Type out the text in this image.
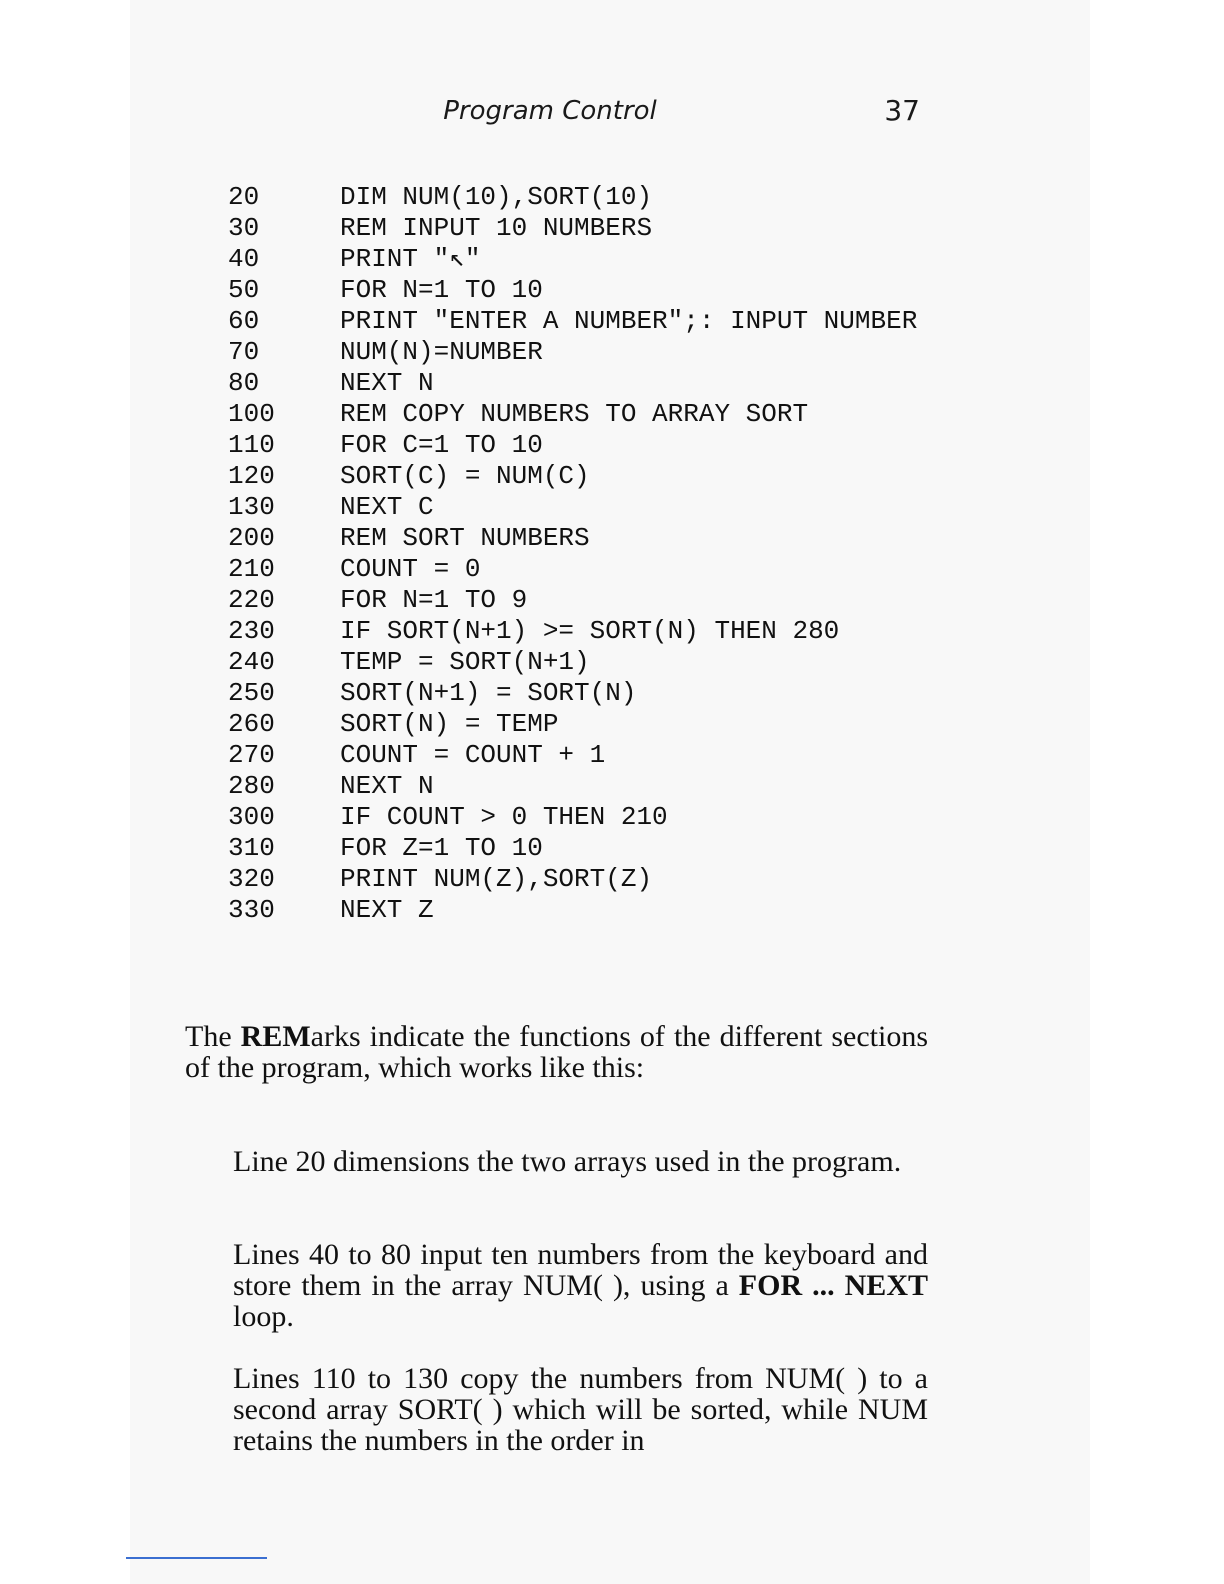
Program Control	37
20	DIM NUM(10),SORT(10)
30	REM INPUT 10 NUMBERS
40	PRINT "↖"
50	FOR N=1 TO 10
60	PRINT "ENTER A NUMBER";: INPUT NUMBER
70	NUM(N)=NUMBER
80	NEXT N
100	REM COPY NUMBERS TO ARRAY SORT
110	FOR C=1 TO 10
120	SORT(C) = NUM(C)
130	NEXT C
200	REM SORT NUMBERS
210	COUNT = 0
220	FOR N=1 TO 9
230	IF SORT(N+1) >= SORT(N) THEN 280
240	TEMP = SORT(N+1)
250	SORT(N+1) = SORT(N)
260	SORT(N) = TEMP
270	COUNT = COUNT + 1
280	NEXT N
300	IF COUNT > 0 THEN 210
310	FOR Z=1 TO 10
320	PRINT NUM(Z),SORT(Z)
330	NEXT Z

The REMarks indicate the functions of the different sections of the program, which works like this:

Line 20 dimensions the two arrays used in the program.

Lines 40 to 80 input ten numbers from the keyboard and store them in the array NUM( ), using a FOR ... NEXT loop.

Lines 110 to 130 copy the numbers from NUM( ) to a second array SORT( ) which will be sorted, while NUM retains the numbers in the order in
